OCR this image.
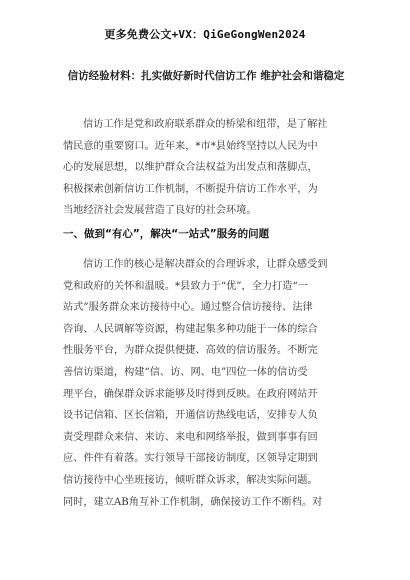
更多免费公文+VX：QiGeGongWen2024
信访经验材料：扎实做好新时代信访工作 维护社会和谐稳定
信访工作是党和政府联系群众的桥梁和纽带，是了解社
情民意的重要窗口。近年来，*市*县始终坚持以人民为中
心的发展思想，以维护群众合法权益为出发点和落脚点，
积极探索创新信访工作机制，不断提升信访工作水平，为
当地经济社会发展营造了良好的社会环境。
一、做到“有心”，解决“一站式”服务的问题
信访工作的核心是解决群众的合理诉求，让群众感受到
党和政府的关怀和温暖。*县致力于“优”，全力打造“一
站式”服务群众来访接待中心。通过整合信访接待、法律
咨询、人民调解等资源，构建起集多种功能于一体的综合
性服务平台，为群众提供便捷、高效的信访服务。不断完
善信访渠道，构建“信、访、网、电”四位一体的信访受
理平台，确保群众诉求能够及时得到反映。在政府网站开
设书记信箱、区长信箱，开通信访热线电话，安排专人负
责受理群众来信、来访、来电和网络举报，做到事事有回
应、件件有着落。实行领导干部接访制度，区领导定期到
信访接待中心坐班接访，倾听群众诉求，解决实际问题。
同时，建立AB角互补工作机制，确保接访工作不断档。对
